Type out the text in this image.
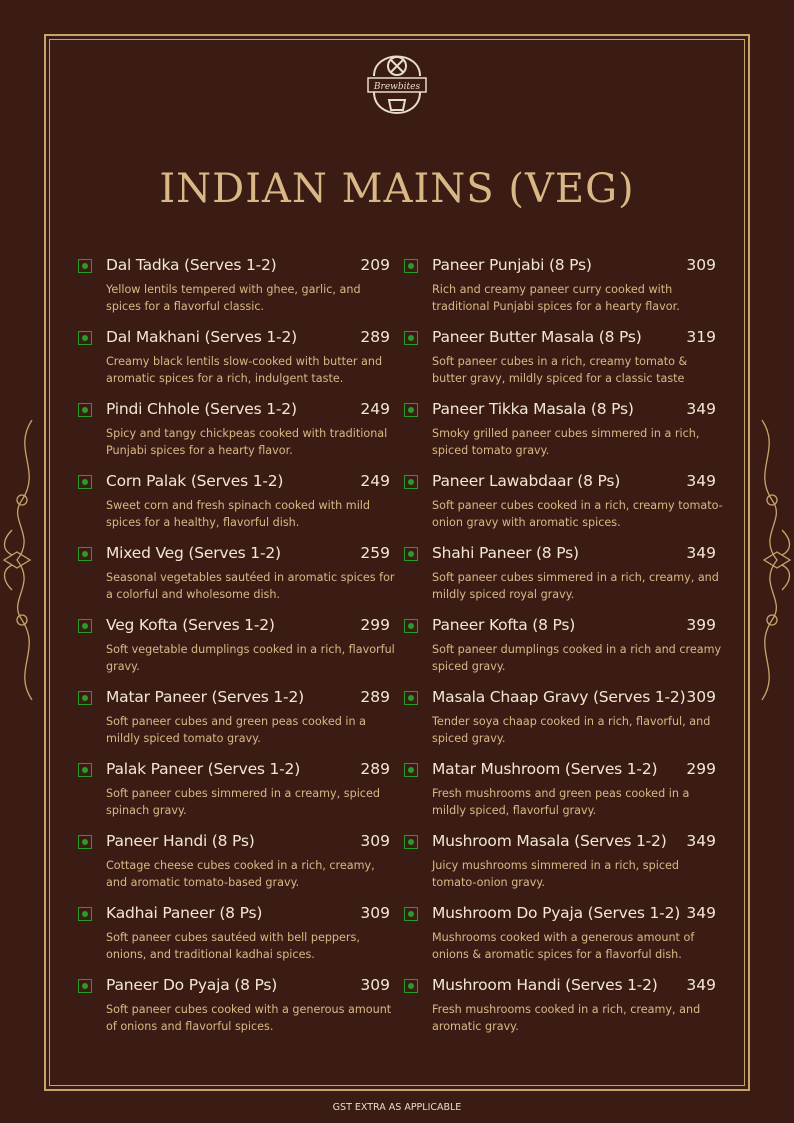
Brewbites
INDIAN MAINS (VEG)
Dal Tadka (Serves 1-2)	209
Yellow lentils tempered with ghee, garlic, and spices for a flavorful classic.
Dal Makhani (Serves 1-2)	289
Creamy black lentils slow-cooked with butter and aromatic spices for a rich, indulgent taste.
Pindi Chhole (Serves 1-2)	249
Spicy and tangy chickpeas cooked with traditional Punjabi spices for a hearty flavor.
Corn Palak (Serves 1-2)	249
Sweet corn and fresh spinach cooked with mild spices for a healthy, flavorful dish.
Mixed Veg (Serves 1-2)	259
Seasonal vegetables sautéed in aromatic spices for a colorful and wholesome dish.
Veg Kofta (Serves 1-2)	299
Soft vegetable dumplings cooked in a rich, flavorful gravy.
Matar Paneer (Serves 1-2)	289
Soft paneer cubes and green peas cooked in a mildly spiced tomato gravy.
Palak Paneer (Serves 1-2)	289
Soft paneer cubes simmered in a creamy, spiced spinach gravy.
Paneer Handi (8 Ps)	309
Cottage cheese cubes cooked in a rich, creamy, and aromatic tomato-based gravy.
Kadhai Paneer (8 Ps)	309
Soft paneer cubes sautéed with bell peppers, onions, and traditional kadhai spices.
Paneer Do Pyaja (8 Ps)	309
Soft paneer cubes cooked with a generous amount of onions and flavorful spices.
Paneer Punjabi (8 Ps)	309
Rich and creamy paneer curry cooked with traditional Punjabi spices for a hearty flavor.
Paneer Butter Masala (8 Ps)	319
Soft paneer cubes in a rich, creamy tomato & butter gravy, mildly spiced for a classic taste
Paneer Tikka Masala (8 Ps)	349
Smoky grilled paneer cubes simmered in a rich, spiced tomato gravy.
Paneer Lawabdaar (8 Ps)	349
Soft paneer cubes cooked in a rich, creamy tomato-onion gravy with aromatic spices.
Shahi Paneer (8 Ps)	349
Soft paneer cubes simmered in a rich, creamy, and mildly spiced royal gravy.
Paneer Kofta (8 Ps)	399
Soft paneer dumplings cooked in a rich and creamy spiced gravy.
Masala Chaap Gravy (Serves 1-2) 309
Tender soya chaap cooked in a rich, flavorful, and spiced gravy.
Matar Mushroom (Serves 1-2) 299
Fresh mushrooms and green peas cooked in a mildly spiced, flavorful gravy.
Mushroom Masala (Serves 1-2) 349
Juicy mushrooms simmered in a rich, spiced tomato-onion gravy.
Mushroom Do Pyaja (Serves 1-2) 349
Mushrooms cooked with a generous amount of onions & aromatic spices for a flavorful dish.
Mushroom Handi (Serves 1-2) 349
Fresh mushrooms cooked in a rich, creamy, and aromatic gravy.
GST EXTRA AS APPLICABLE
